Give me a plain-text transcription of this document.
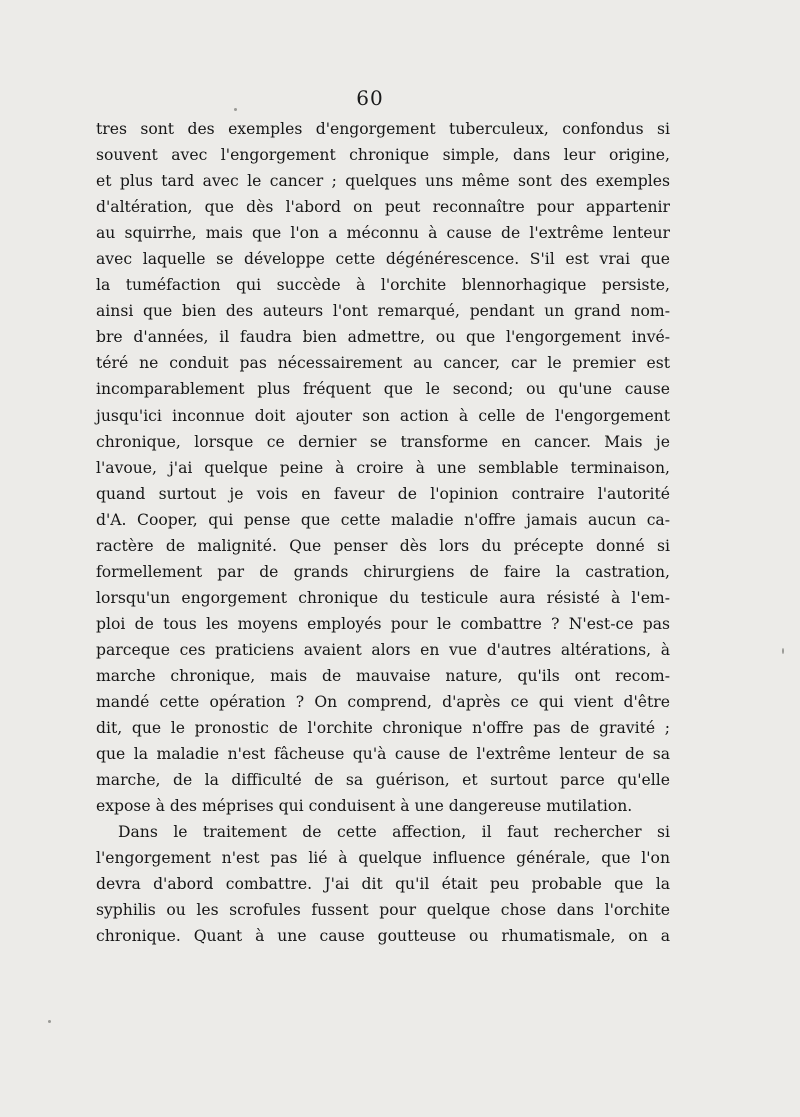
60
tres sont des exemples d'engorgement tuberculeux, confondus si
souvent avec l'engorgement chronique simple, dans leur origine,
et plus tard avec le cancer ; quelques uns même sont des exemples
d'altération, que dès l'abord on peut reconnaître pour appartenir
au squirrhe, mais que l'on a méconnu à cause de l'extrême lenteur
avec laquelle se développe cette dégénérescence. S'il est vrai que
la tuméfaction qui succède à l'orchite blennorhagique persiste,
ainsi que bien des auteurs l'ont remarqué, pendant un grand nom-
bre d'années, il faudra bien admettre, ou que l'engorgement invé-
téré ne conduit pas nécessairement au cancer, car le premier est
incomparablement plus fréquent que le second; ou qu'une cause
jusqu'ici inconnue doit ajouter son action à celle de l'engorgement
chronique, lorsque ce dernier se transforme en cancer. Mais je
l'avoue, j'ai quelque peine à croire à une semblable terminaison,
quand surtout je vois en faveur de l'opinion contraire l'autorité
d'A. Cooper, qui pense que cette maladie n'offre jamais aucun ca-
ractère de malignité. Que penser dès lors du précepte donné si
formellement par de grands chirurgiens de faire la castration,
lorsqu'un engorgement chronique du testicule aura résisté à l'em-
ploi de tous les moyens employés pour le combattre ? N'est-ce pas
parceque ces praticiens avaient alors en vue d'autres altérations, à
marche chronique, mais de mauvaise nature, qu'ils ont recom-
mandé cette opération ? On comprend, d'après ce qui vient d'être
dit, que le pronostic de l'orchite chronique n'offre pas de gravité ;
que la maladie n'est fâcheuse qu'à cause de l'extrême lenteur de sa
marche, de la difficulté de sa guérison, et surtout parce qu'elle
expose à des méprises qui conduisent à une dangereuse mutilation.
Dans le traitement de cette affection, il faut rechercher si
l'engorgement n'est pas lié à quelque influence générale, que l'on
devra d'abord combattre. J'ai dit qu'il était peu probable que la
syphilis ou les scrofules fussent pour quelque chose dans l'orchite
chronique. Quant à une cause goutteuse ou rhumatismale, on a
